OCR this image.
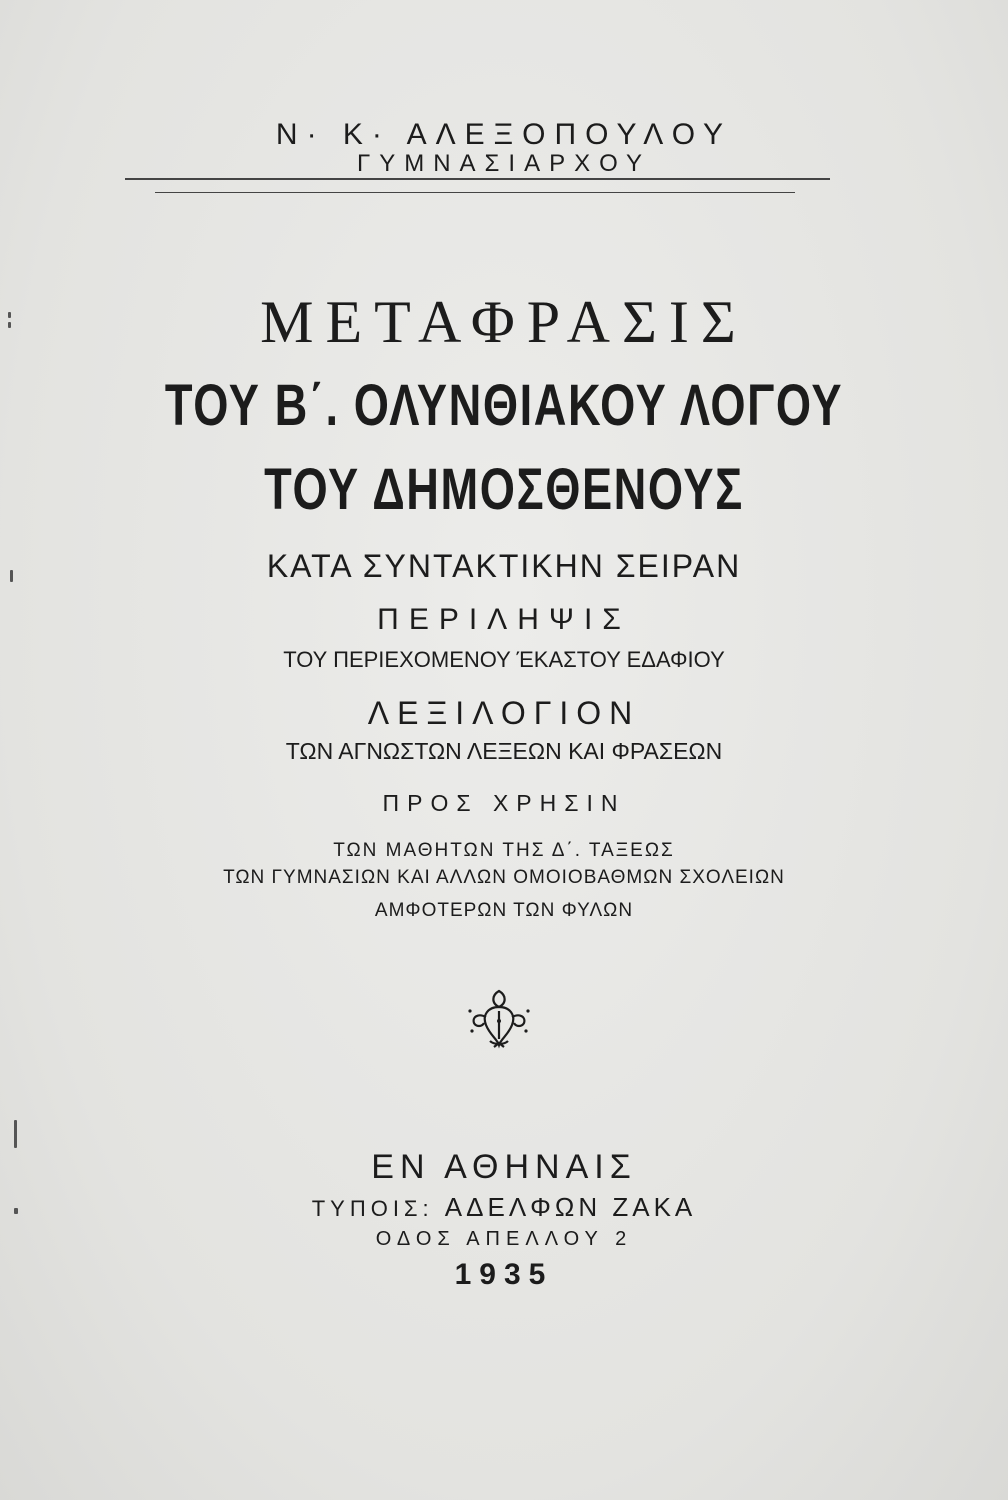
Ν· Κ· ΑΛΕΞΟΠΟΥΛΟΥ
ΓΥΜΝΑΣΙΑΡΧΟΥ
ΜΕΤΑΦΡΑΣΙΣ
ΤΟΥ Β΄. ΟΛΥΝΘΙΑΚΟΥ ΛΟΓΟΥ
ΤΟΥ ΔΗΜΟΣΘΕΝΟΥΣ
ΚΑΤΑ ΣΥΝΤΑΚΤΙΚΗΝ ΣΕΙΡΑΝ
ΠΕΡΙΛΗΨΙΣ
ΤΟΥ ΠΕΡΙΕΧΟΜΕΝΟΥ ΈΚΑΣΤΟΥ ΕΔΑΦΙΟΥ
ΛΕΞΙΛΟΓΙΟΝ
ΤΩΝ ΑΓΝΩΣΤΩΝ ΛΕΞΕΩΝ ΚΑΙ ΦΡΑΣΕΩΝ
ΠΡΟΣ ΧΡΗΣΙΝ
ΤΩΝ ΜΑΘΗΤΩΝ ΤΗΣ Δ΄. ΤΑΞΕΩΣ
ΤΩΝ ΓΥΜΝΑΣΙΩΝ ΚΑΙ ΑΛΛΩΝ ΟΜΟΙΟΒΑΘΜΩΝ ΣΧΟΛΕΙΩΝ
ΑΜΦΟΤΕΡΩΝ ΤΩΝ ΦΥΛΩΝ
ΕΝ ΑΘΗΝΑΙΣ
ΤΥΠΟΙΣ: ΑΔΕΛΦΩΝ ΖΑΚΑ
ΟΔΟΣ ΑΠΕΛΛΟΥ 2
1935
